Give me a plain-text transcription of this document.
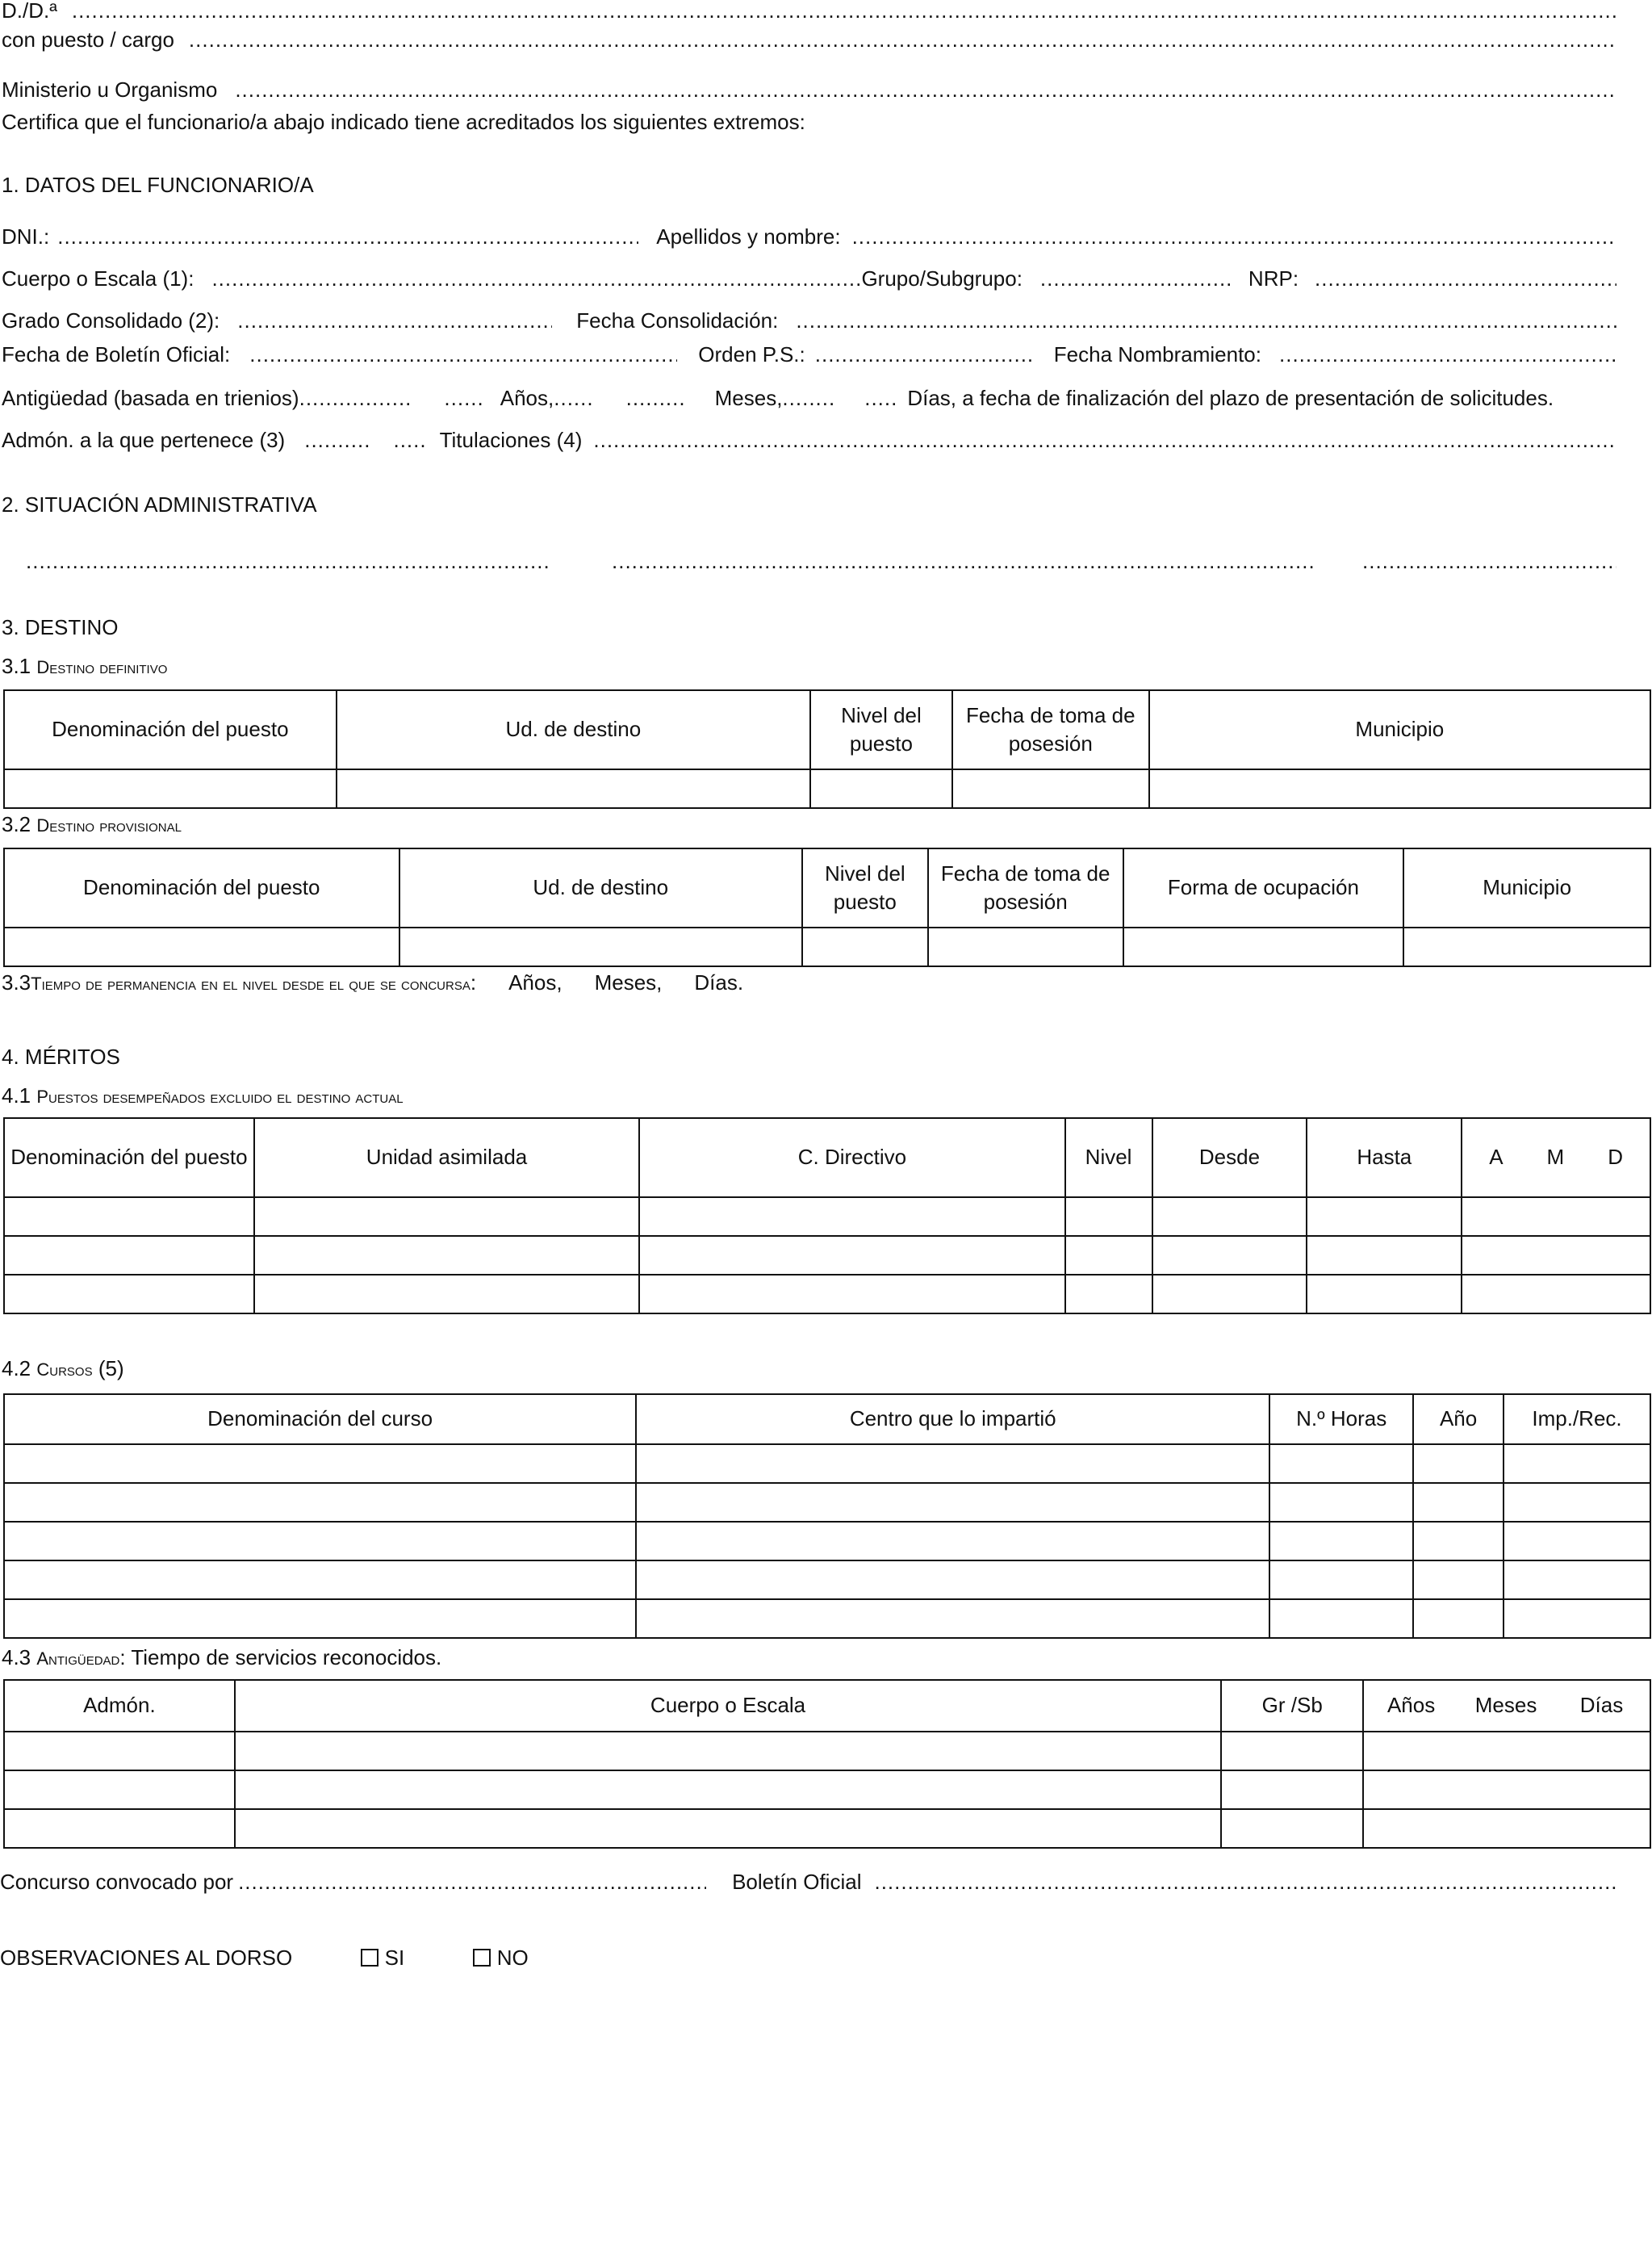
D./D.ª
.....
con puesto / cargo
.....
Ministerio u Organismo
.....
Certifica que el funcionario/a abajo indicado tiene acreditados los siguientes extremos:
1. DATOS DEL FUNCIONARIO/A
DNI.: .....	Apellidos y nombre:
.....
Cuerpo o Escala (1): .....	Grupo/Subgrupo: .....	NRP:
.....
Grado Consolidado (2): .....	Fecha Consolidación:
.....
Fecha de Boletín Oficial: .....	Orden P.S.: .....	Fecha Nombramiento:
.....
Antigüedad (basada en trienios) ................. ...... Años, ...... ......... Meses, ........ ..... Días, a fecha de finalización del plazo de presentación de solicitudes.
Admón. a la que pertenece (3) .......... ..... Titulaciones (4)
.....
2. SITUACIÓN ADMINISTRATIVA
.....
.....
.....
3. DESTINO
3.1 Destino definitivo
Denominación del puesto	Ud. de destino	Nivel del puesto	Fecha de toma de posesión	Municipio

3.2 Destino provisional
Denominación del puesto	Ud. de destino	Nivel del puesto	Fecha de toma de posesión	Forma de ocupación	Municipio

3.3 Tiempo de permanencia en el nivel desde el que se concursa : Años, Meses, Días.
4. MÉRITOS
4.1 Puestos desempeñados excluido el destino actual
Denominación del puesto	Unidad asimilada	C. Directivo	Nivel	Desde	Hasta	A M D

4.2 Cursos (5)
Denominación del curso	Centro que lo impartió	N.º Horas	Año	Imp./Rec.

4.3 Antigüedad: Tiempo de servicios reconocidos.
Admón.	Cuerpo o Escala	Gr /Sb	Años	Meses	Días

Concurso convocado por .....	Boletín Oficial
.....
OBSERVACIONES AL DORSO	SI	NO
